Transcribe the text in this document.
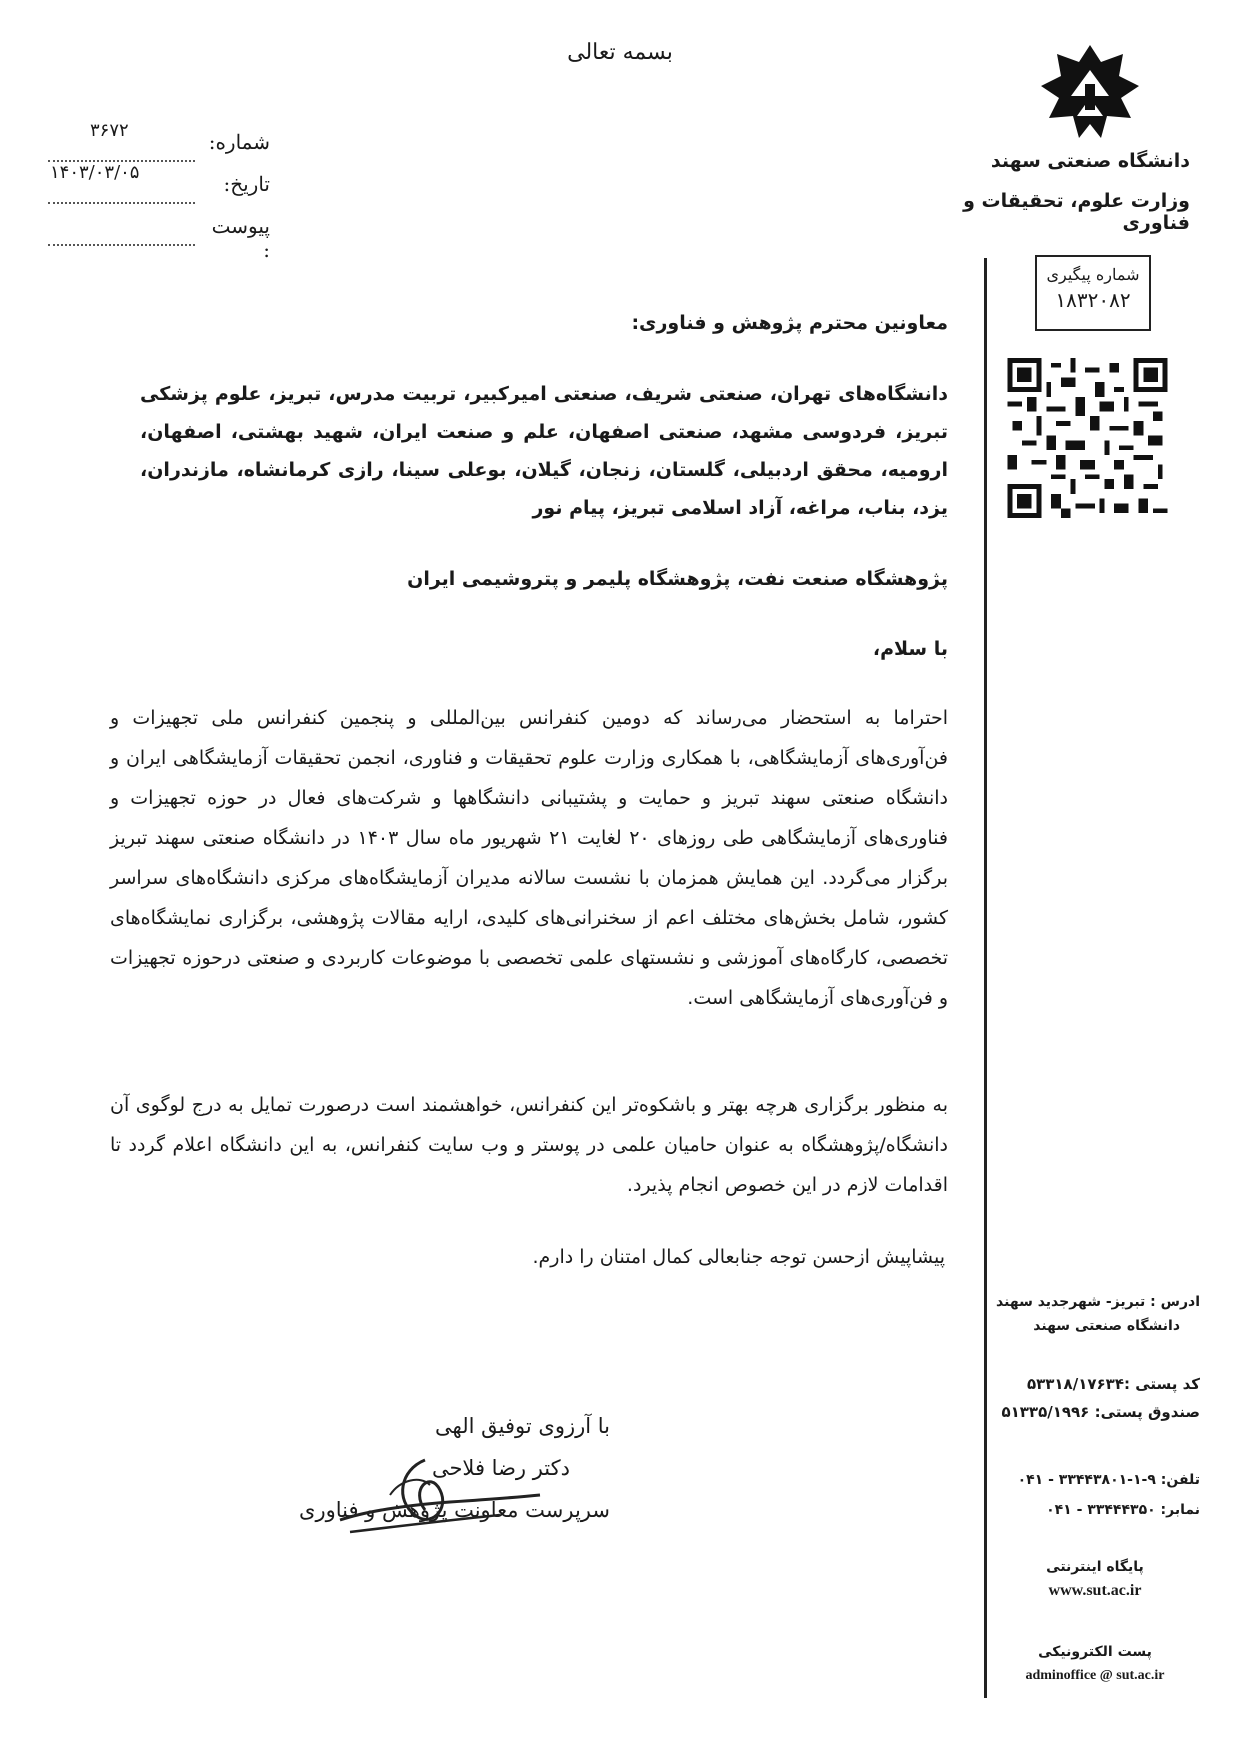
بسمه تعالی
دانشگاه صنعتی سهند
وزارت علوم، تحقیقات و فناوری
شماره:
۳۶۷۲
تاریخ:
۱۴۰۳/۰۳/۰۵
پیوست :
شماره پیگیری
۱۸۳۲۰۸۲
معاونین محترم پژوهش و فناوری:
دانشگاه‌های تهران، صنعتی شریف، صنعتی امیرکبیر، تربیت مدرس، تبریز، علوم پزشکی تبریز، فردوسی مشهد، صنعتی اصفهان، علم و صنعت ایران، شهید بهشتی، اصفهان، ارومیه، محقق اردبیلی، گلستان، زنجان، گیلان، بوعلی سینا، رازی کرمانشاه، مازندران، یزد، بناب، مراغه، آزاد اسلامی تبریز، پیام نور
پژوهشگاه صنعت نفت، پژوهشگاه پلیمر و پتروشیمی ایران
با سلام،
احتراما به استحضار می‌رساند که دومین کنفرانس بین‌المللی و پنجمین کنفرانس ملی تجهیزات و فن‌آوری‌های آزمایشگاهی، با همکاری وزارت علوم تحقیقات و فناوری، انجمن تحقیقات آزمایشگاهی ایران و دانشگاه صنعتی سهند تبریز و حمایت و پشتیبانی دانشگاهها و شرکت‌های فعال در حوزه تجهیزات و فناوری‌های آزمایشگاهی طی روزهای ۲۰ لغایت ۲۱ شهریور ماه سال ۱۴۰۳ در دانشگاه صنعتی سهند تبریز برگزار می‌گردد. این همایش همزمان با نشست سالانه مدیران آزمایشگاه‌های مرکزی دانشگاه‌های سراسر کشور، شامل بخش‌های مختلف اعم از سخنرانی‌های کلیدی، ارایه مقالات پژوهشی، برگزاری نمایشگاه‌های تخصصی، کارگاه‌های آموزشی و نشستهای علمی تخصصی با موضوعات کاربردی و صنعتی درحوزه تجهیزات و فن‌آوری‌های آزمایشگاهی است.
به منظور برگزاری هرچه بهتر و باشکوه‌تر این کنفرانس، خواهشمند است درصورت تمایل به درج لوگوی آن دانشگاه/پژوهشگاه به عنوان حامیان علمی در پوستر و وب سایت کنفرانس، به این دانشگاه اعلام گردد تا اقدامات لازم در این خصوص انجام پذیرد.
پیشاپیش ازحسن توجه جنابعالی کمال امتنان را دارم.
با آرزوی توفیق الهی
دکتر رضا فلاحی
سرپرست معاونت پژوهش و فناوری
ادرس : تبریز- شهرجدید سهند
دانشگاه صنعتی سهند
کد پستی :۵۳۳۱۸/۱۷۶۳۴
صندوق پستی: ۵۱۳۳۵/۱۹۹۶
تلفن: ۹-۱-۳۳۴۴۳۸۰۱ - ۰۴۱
نمابر: ۳۳۴۴۴۳۵۰ - ۰۴۱
پایگاه اینترنتی
www.sut.ac.ir
پست الکترونیکی
adminoffice @ sut.ac.ir
